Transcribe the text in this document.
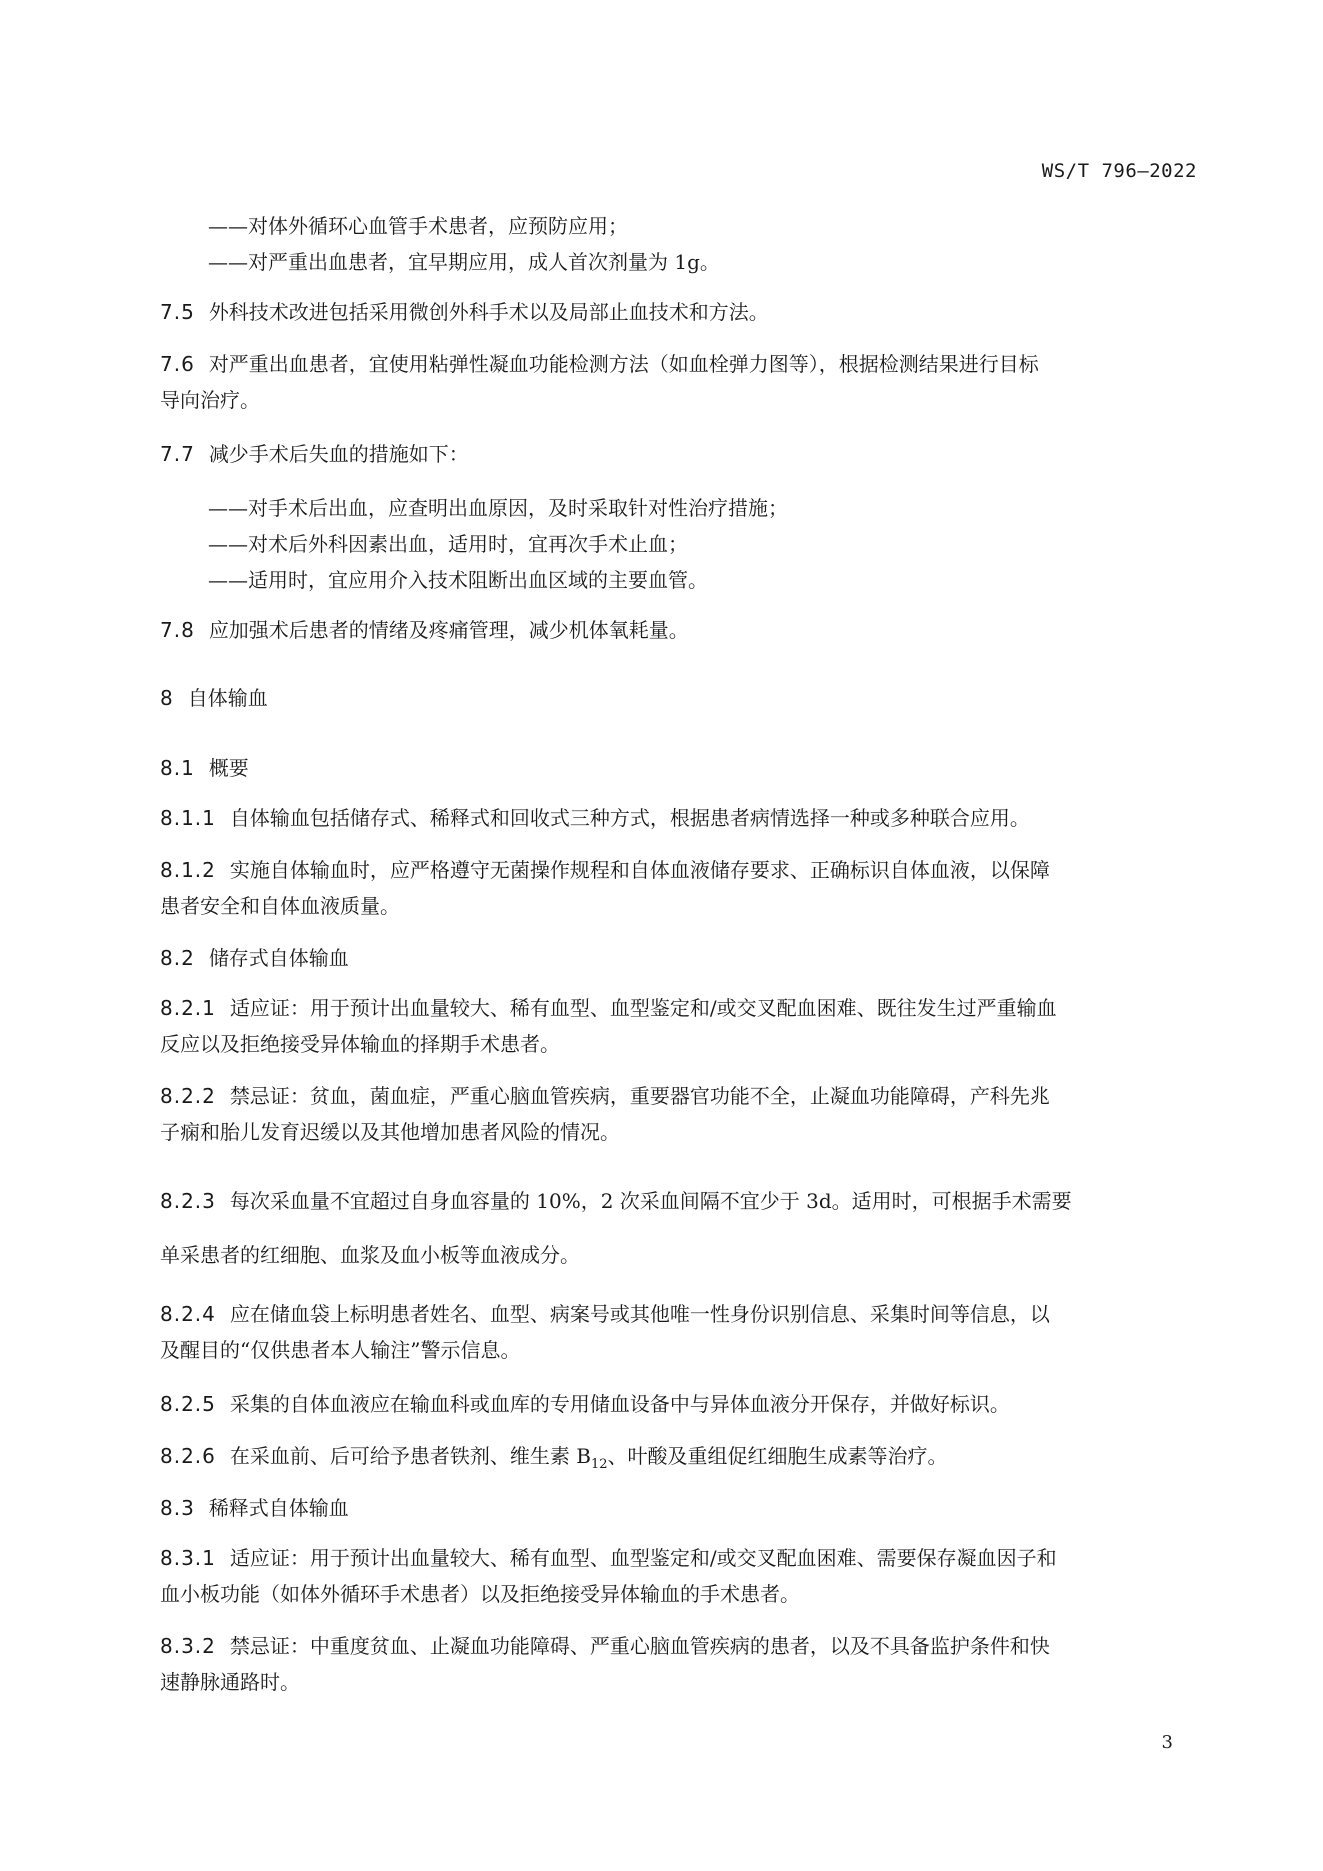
WS/T 796—2022
——对体外循环心血管手术患者，应预防应用；
——对严重出血患者，宜早期应用，成人首次剂量为 1g。
7.5 外科技术改进包括采用微创外科手术以及局部止血技术和方法。
7.6 对严重出血患者，宜使用粘弹性凝血功能检测方法（如血栓弹力图等），根据检测结果进行目标
导向治疗。
7.7 减少手术后失血的措施如下：
——对手术后出血，应查明出血原因，及时采取针对性治疗措施；
——对术后外科因素出血，适用时，宜再次手术止血；
——适用时，宜应用介入技术阻断出血区域的主要血管。
7.8 应加强术后患者的情绪及疼痛管理，减少机体氧耗量。
8 自体输血
8.1 概要
8.1.1 自体输血包括储存式、稀释式和回收式三种方式，根据患者病情选择一种或多种联合应用。
8.1.2 实施自体输血时，应严格遵守无菌操作规程和自体血液储存要求、正确标识自体血液，以保障
患者安全和自体血液质量。
8.2 储存式自体输血
8.2.1 适应证：用于预计出血量较大、稀有血型、血型鉴定和/或交叉配血困难、既往发生过严重输血
反应以及拒绝接受异体输血的择期手术患者。
8.2.2 禁忌证：贫血，菌血症，严重心脑血管疾病，重要器官功能不全，止凝血功能障碍，产科先兆
子痫和胎儿发育迟缓以及其他增加患者风险的情况。
8.2.3 每次采血量不宜超过自身血容量的 10%，2 次采血间隔不宜少于 3d。适用时，可根据手术需要
单采患者的红细胞、血浆及血小板等血液成分。
8.2.4 应在储血袋上标明患者姓名、血型、病案号或其他唯一性身份识别信息、采集时间等信息，以
及醒目的“仅供患者本人输注”警示信息。
8.2.5 采集的自体血液应在输血科或血库的专用储血设备中与异体血液分开保存，并做好标识。
8.2.6 在采血前、后可给予患者铁剂、维生素 $B_{12}$、叶酸及重组促红细胞生成素等治疗。
8.3 稀释式自体输血
8.3.1 适应证：用于预计出血量较大、稀有血型、血型鉴定和/或交叉配血困难、需要保存凝血因子和
血小板功能（如体外循环手术患者）以及拒绝接受异体输血的手术患者。
8.3.2 禁忌证：中重度贫血、止凝血功能障碍、严重心脑血管疾病的患者，以及不具备监护条件和快
速静脉通路时。
3
